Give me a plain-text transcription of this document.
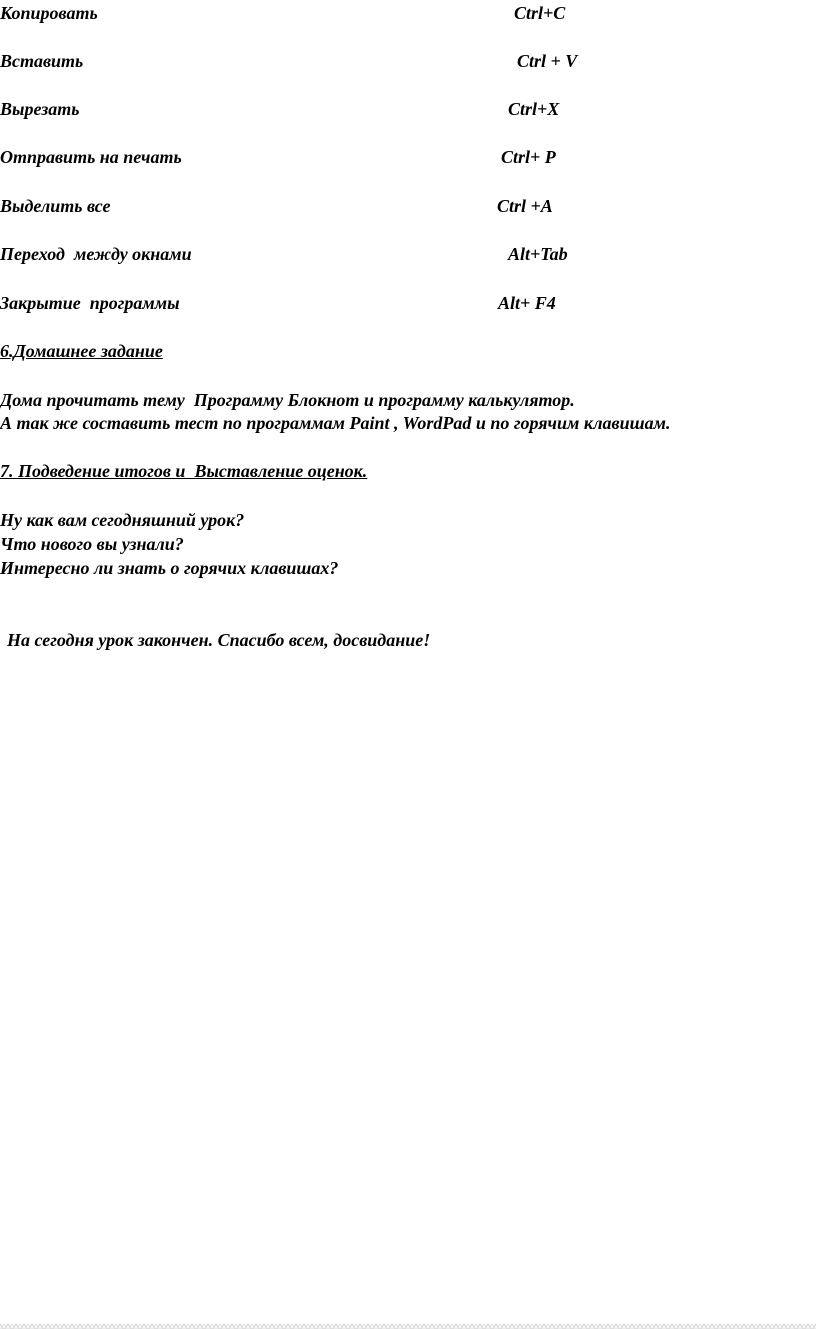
Копировать	Ctrl+C
Вставить	Ctrl + V
Вырезать	Ctrl+X
Отправить на печать	Ctrl+ P
Выделить все	Ctrl +A
Переход  между окнами	Alt+Tab
Закрытие  программы	Alt+ F4
6.Домашнее задание
Дома прочитать тему  Программу Блокнот и программу калькулятор.
А так же составить тест по программам Paint , WordPad и по горячим клавишам.
7. Подведение итогов и  Выставление оценок.
Ну как вам сегодняшний урок?
Что нового вы узнали?
Интересно ли знать о горячих клавишах?
На сегодня урок закончен. Спасибо всем, досвидание!
